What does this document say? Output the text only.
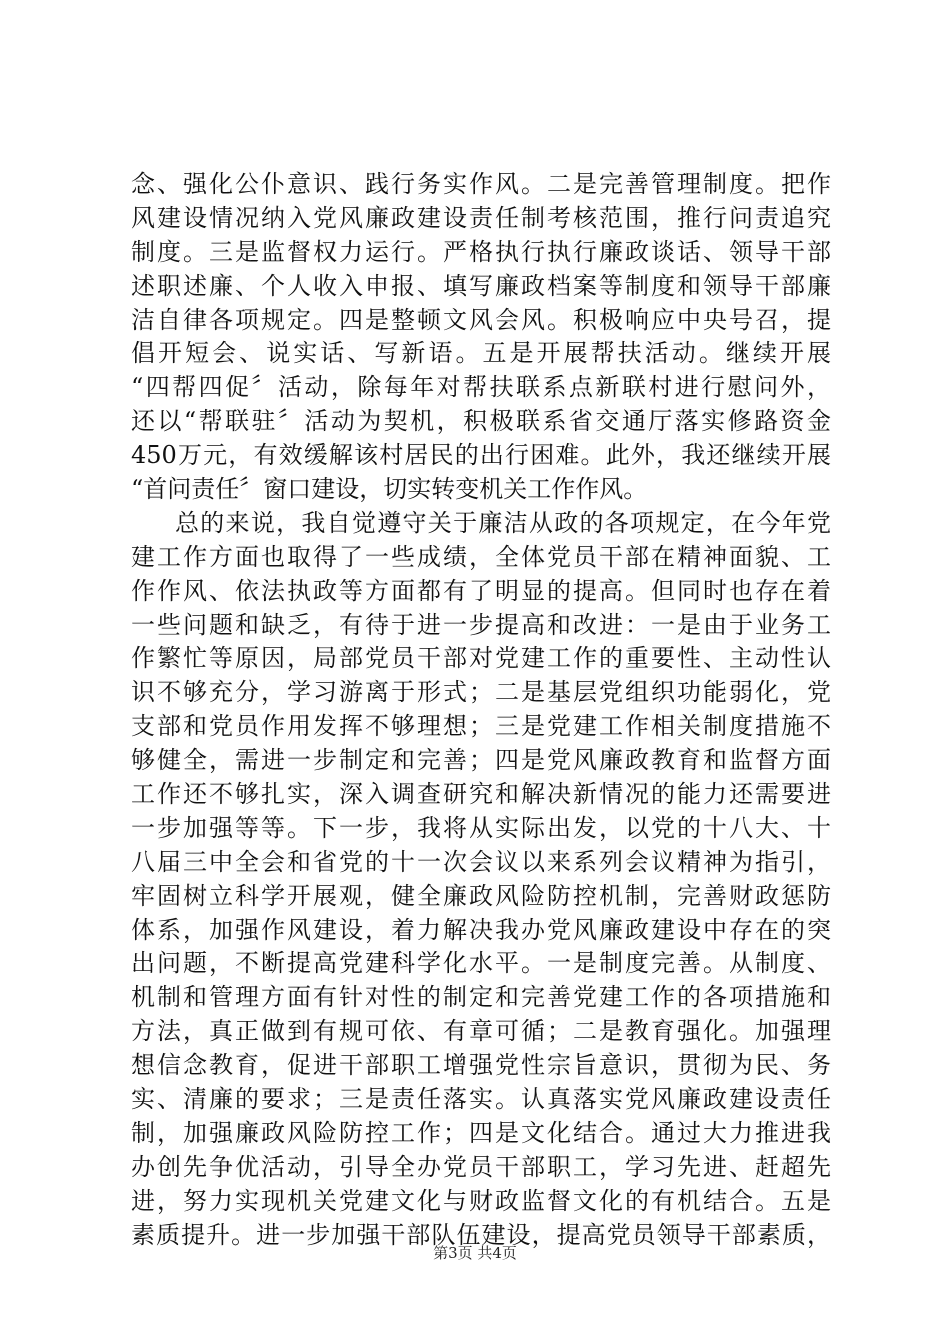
念、强化公仆意识、践行务实作风。二是完善管理制度。把作
风建设情况纳入党风廉政建设责任制考核范围，推行问责追究
制度。三是监督权力运行。严格执行执行廉政谈话、领导干部
述职述廉、个人收入申报、填写廉政档案等制度和领导干部廉
洁自律各项规定。四是整顿文风会风。积极响应中央号召，提
倡开短会、说实话、写新语。五是开展帮扶活动。继续开展
“四帮四促〞活动，除每年对帮扶联系点新联村进行慰问外，
还以“帮联驻〞活动为契机，积极联系省交通厅落实修路资金
450万元，有效缓解该村居民的出行困难。此外，我还继续开展
“首问责任〞窗口建设，切实转变机关工作作风。
总的来说，我自觉遵守关于廉洁从政的各项规定，在今年党
建工作方面也取得了一些成绩，全体党员干部在精神面貌、工
作作风、依法执政等方面都有了明显的提高。但同时也存在着
一些问题和缺乏，有待于进一步提高和改进：一是由于业务工
作繁忙等原因，局部党员干部对党建工作的重要性、主动性认
识不够充分，学习游离于形式；二是基层党组织功能弱化，党
支部和党员作用发挥不够理想；三是党建工作相关制度措施不
够健全，需进一步制定和完善；四是党风廉政教育和监督方面
工作还不够扎实，深入调查研究和解决新情况的能力还需要进
一步加强等等。下一步，我将从实际出发，以党的十八大、十
八届三中全会和省党的十一次会议以来系列会议精神为指引，
牢固树立科学开展观，健全廉政风险防控机制，完善财政惩防
体系，加强作风建设，着力解决我办党风廉政建设中存在的突
出问题，不断提高党建科学化水平。一是制度完善。从制度、
机制和管理方面有针对性的制定和完善党建工作的各项措施和
方法，真正做到有规可依、有章可循；二是教育强化。加强理
想信念教育，促进干部职工增强党性宗旨意识，贯彻为民、务
实、清廉的要求；三是责任落实。认真落实党风廉政建设责任
制，加强廉政风险防控工作；四是文化结合。通过大力推进我
办创先争优活动，引导全办党员干部职工，学习先进、赶超先
进，努力实现机关党建文化与财政监督文化的有机结合。五是
素质提升。进一步加强干部队伍建设，提高党员领导干部素质，
第3页 共4页
